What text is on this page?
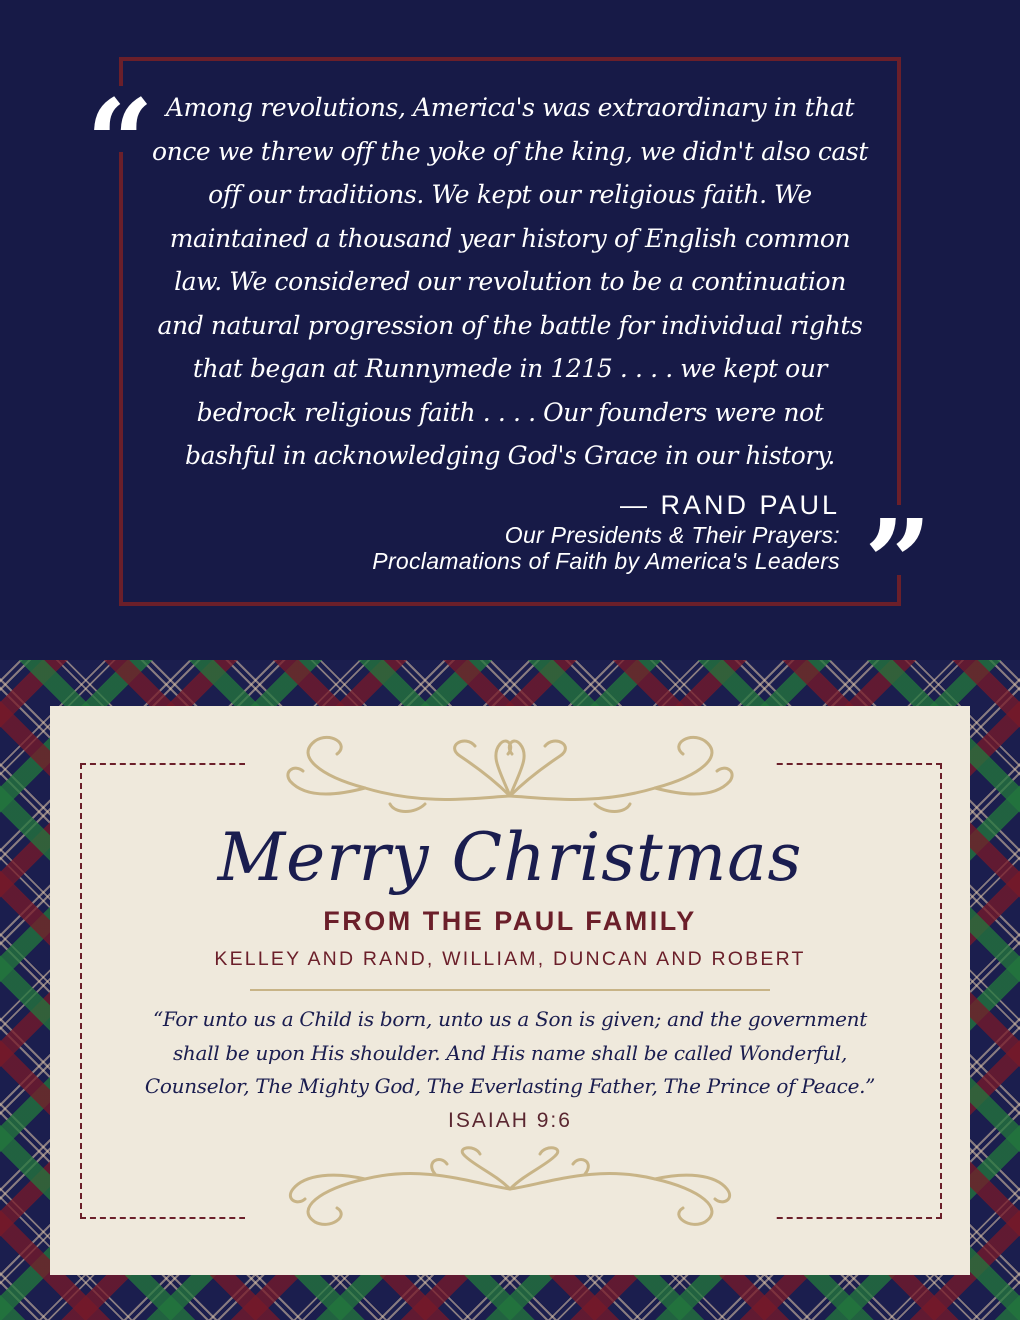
“ Among revolutions, America's was extraordinary in that once we threw off the yoke of the king, we didn't also cast off our traditions. We kept our religious faith. We maintained a thousand year history of English common law. We considered our revolution to be a continuation and natural progression of the battle for individual rights that began at Runnymede in 1215 . . . . we kept our bedrock religious faith . . . . Our founders were not bashful in acknowledging God's Grace in our history.

”
— RAND PAUL
Our Presidents & Their Prayers:
Proclamations of Faith by America's Leaders
Merry Christmas
FROM THE PAUL FAMILY
KELLEY AND RAND, WILLIAM, DUNCAN AND ROBERT
“For unto us a Child is born, unto us a Son is given; and the government shall be upon His shoulder. And His name shall be called Wonderful, Counselor, The Mighty God, The Everlasting Father, The Prince of Peace.”
ISAIAH 9:6
